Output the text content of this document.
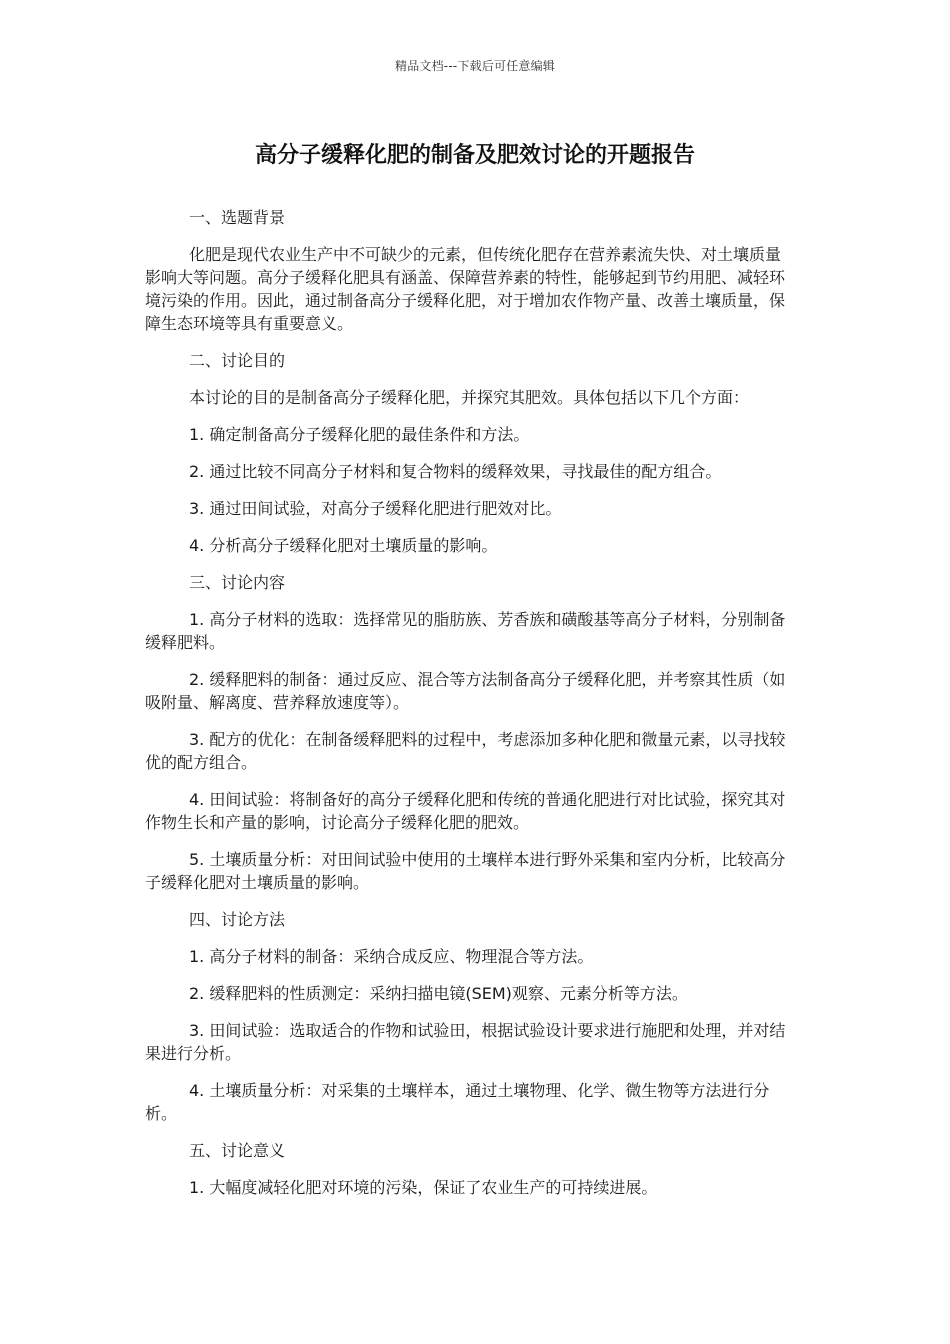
精品文档---下载后可任意编辑
高分子缓释化肥的制备及肥效讨论的开题报告
一、选题背景
化肥是现代农业生产中不可缺少的元素，但传统化肥存在营养素流失快、对土壤质量影响大等问题。高分子缓释化肥具有涵盖、保障营养素的特性，能够起到节约用肥、减轻环境污染的作用。因此，通过制备高分子缓释化肥，对于增加农作物产量、改善土壤质量，保障生态环境等具有重要意义。
二、讨论目的
本讨论的目的是制备高分子缓释化肥，并探究其肥效。具体包括以下几个方面：
1. 确定制备高分子缓释化肥的最佳条件和方法。
2. 通过比较不同高分子材料和复合物料的缓释效果，寻找最佳的配方组合。
3. 通过田间试验，对高分子缓释化肥进行肥效对比。
4. 分析高分子缓释化肥对土壤质量的影响。
三、讨论内容
1. 高分子材料的选取：选择常见的脂肪族、芳香族和磺酸基等高分子材料，分别制备缓释肥料。
2. 缓释肥料的制备：通过反应、混合等方法制备高分子缓释化肥，并考察其性质（如吸附量、解离度、营养释放速度等）。
3. 配方的优化：在制备缓释肥料的过程中，考虑添加多种化肥和微量元素，以寻找较优的配方组合。
4. 田间试验：将制备好的高分子缓释化肥和传统的普通化肥进行对比试验，探究其对作物生长和产量的影响，讨论高分子缓释化肥的肥效。
5. 土壤质量分析：对田间试验中使用的土壤样本进行野外采集和室内分析，比较高分子缓释化肥对土壤质量的影响。
四、讨论方法
1. 高分子材料的制备：采纳合成反应、物理混合等方法。
2. 缓释肥料的性质测定：采纳扫描电镜(SEM)观察、元素分析等方法。
3. 田间试验：选取适合的作物和试验田，根据试验设计要求进行施肥和处理，并对结果进行分析。
4. 土壤质量分析：对采集的土壤样本，通过土壤物理、化学、微生物等方法进行分析。
五、讨论意义
1. 大幅度减轻化肥对环境的污染，保证了农业生产的可持续进展。
